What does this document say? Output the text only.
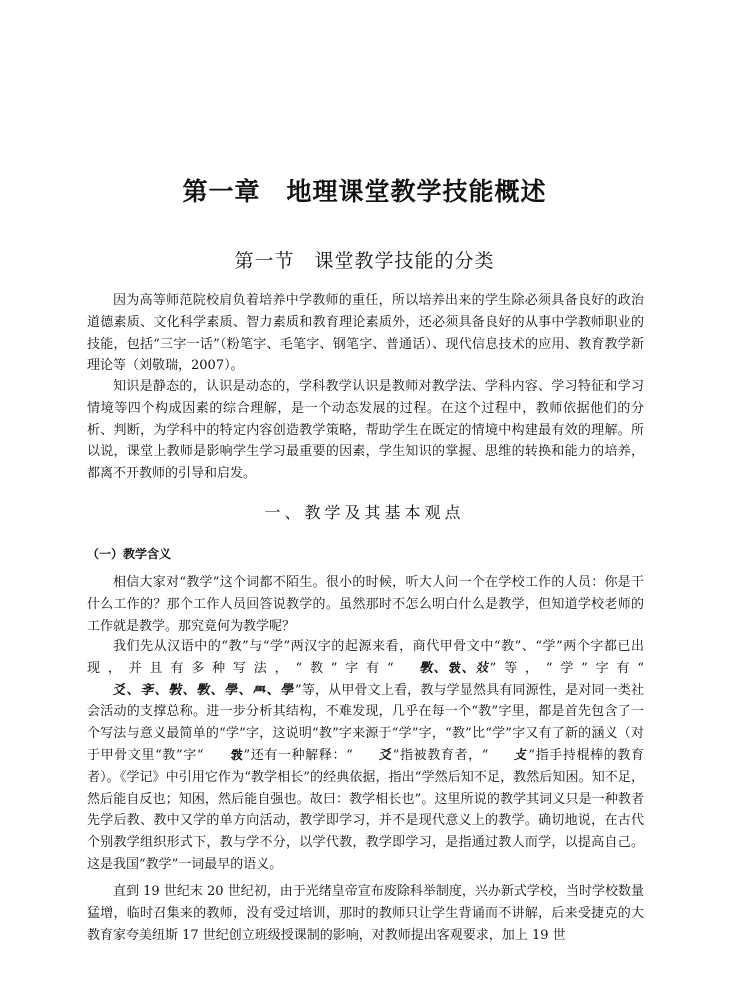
第一章　地理课堂教学技能概述
第一节　课堂教学技能的分类

因为高等师范院校肩负着培养中学教师的重任，所以培养出来的学生除必须具备良好的政治道德素质、文化科学素质、智力素质和教育理论素质外，还必须具备良好的从事中学教师职业的技能，包括“三字一话”（粉笔字、毛笔字、钢笔字、普通话）、现代信息技术的应用、教育教学新理论等（刘敬瑞，2007）。

知识是静态的，认识是动态的，学科教学认识是教师对教学法、学科内容、学习特征和学习情境等四个构成因素的综合理解，是一个动态发展的过程。在这个过程中，教师依据他们的分析、判断，为学科中的特定内容创造教学策略，帮助学生在既定的情境中构建最有效的理解。所以说，课堂上教师是影响学生学习最重要的因素，学生知识的掌握、思维的转换和能力的培养，都离不开教师的引导和启发。

一、教学及其基本观点
（一）教学含义

相信大家对“教学”这个词都不陌生。很小的时候，听大人问一个在学校工作的人员：你是干什么工作的？那个工作人员回答说教学的。虽然那时不怎么明白什么是教学，但知道学校老师的工作就是教学。那究竟何为教学呢？

我们先从汉语中的“教”与“学”两汉字的起源来看，商代甲骨文中“教”、“学”两个字都已出现，并且有多种写法，“教”字有“ 斆、𢽾、𤕝”等，“学”字有“爻、斈、斅、斆、學、𦥯、學”等，从甲骨文上看，教与学显然具有同源性，是对同一类社会活动的支撑总称。进一步分析其结构，不难发现，几乎在每一个“教”字里，都是首先包含了一个写法与意义最简单的“学”字，这说明“教”字来源于“学”字，“教”比“学”字又有了新的涵义（对于甲骨文里“教”字“ 𢽾”还有一种解释：“ 爻”指被教育者，“ 攴”指手持棍棒的教育者）。《学记》中引用它作为“教学相长”的经典依据，指出“学然后知不足，教然后知困。知不足，然后能自反也；知困，然后能自强也。故曰：教学相长也”。这里所说的教学其词义只是一种教者先学后教、教中又学的单方向活动，教学即学习，并不是现代意义上的教学。确切地说，在古代个别教学组织形式下，教与学不分，以学代教，教学即学习，是指通过教人而学，以提高自己。这是我国“教学”一词最早的语义。

直到 19 世纪末 20 世纪初，由于光绪皇帝宣布废除科举制度，兴办新式学校，当时学校数量猛增，临时召集来的教师，没有受过培训，那时的教师只让学生背诵而不讲解，后来受捷克的大教育家夸美纽斯 17 世纪创立班级授课制的影响，对教师提出客观要求，加上 19 世
